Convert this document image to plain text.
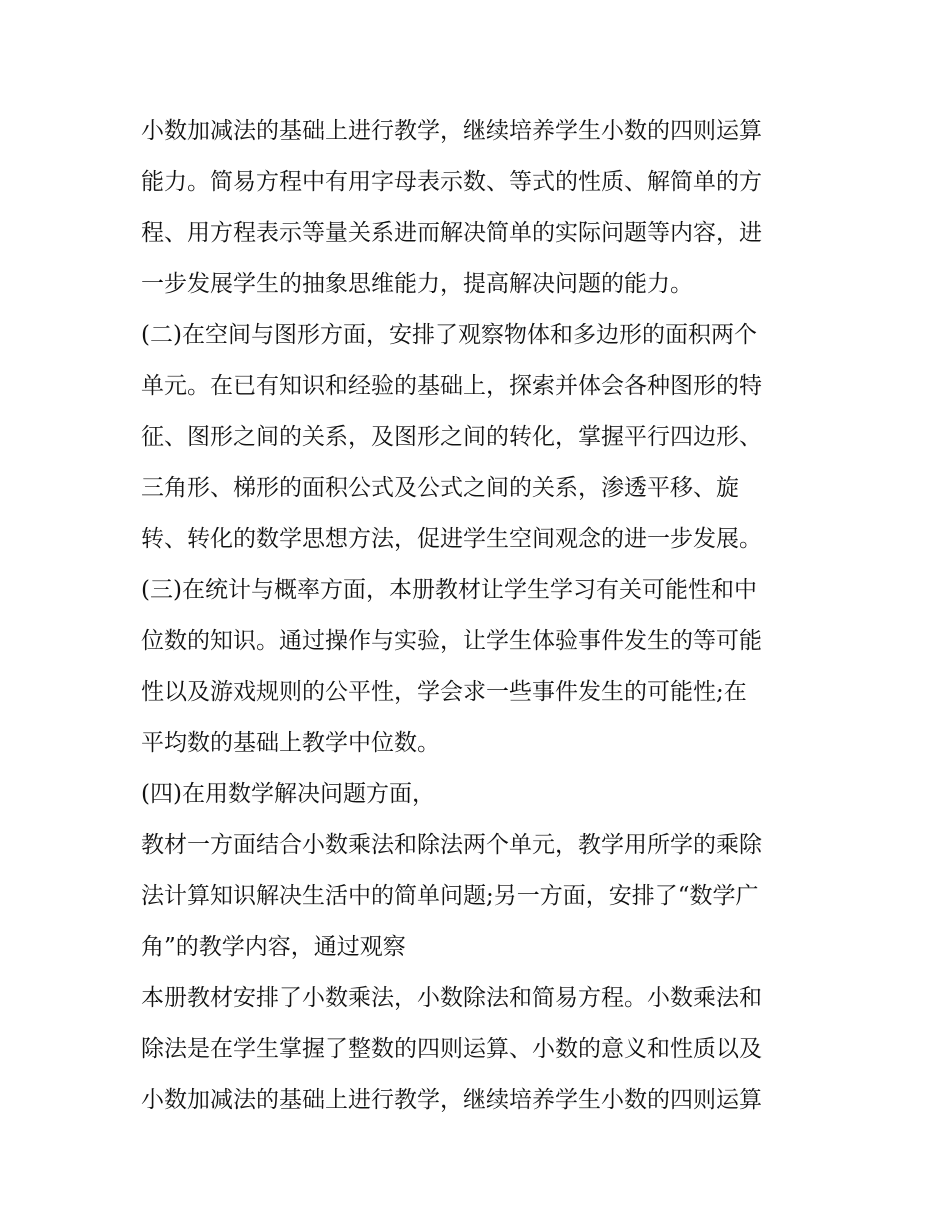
小数加减法的基础上进行教学，继续培养学生小数的四则运算
能力。简易方程中有用字母表示数、等式的性质、解简单的方
程、用方程表示等量关系进而解决简单的实际问题等内容，进
一步发展学生的抽象思维能力，提高解决问题的能力。
(二)在空间与图形方面，安排了观察物体和多边形的面积两个
单元。在已有知识和经验的基础上，探索并体会各种图形的特
征、图形之间的关系，及图形之间的转化，掌握平行四边形、
三角形、梯形的面积公式及公式之间的关系，渗透平移、旋
转、转化的数学思想方法，促进学生空间观念的进一步发展。
(三)在统计与概率方面，本册教材让学生学习有关可能性和中
位数的知识。通过操作与实验，让学生体验事件发生的等可能
性以及游戏规则的公平性，学会求一些事件发生的可能性;在
平均数的基础上教学中位数。
(四)在用数学解决问题方面，
教材一方面结合小数乘法和除法两个单元，教学用所学的乘除
法计算知识解决生活中的简单问题;另一方面，安排了“数学广
角”的教学内容，通过观察
本册教材安排了小数乘法，小数除法和简易方程。小数乘法和
除法是在学生掌握了整数的四则运算、小数的意义和性质以及
小数加减法的基础上进行教学，继续培养学生小数的四则运算
